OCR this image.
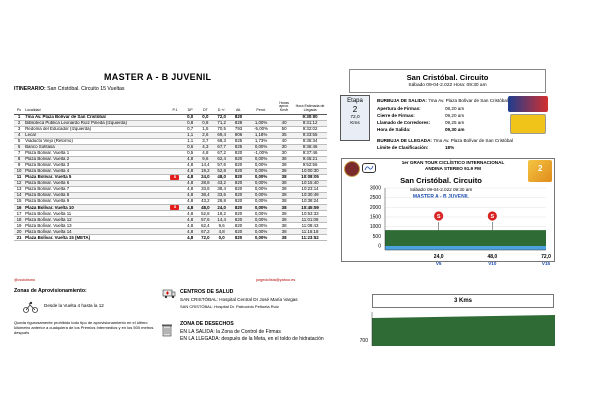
MASTER A - B JUVENIL
ITINERARIO: San Cristóbal. Circuito 15 Vueltas
Pc	Localidad	P.1	DP	DT	D.+/-	Alt.	Pend.	Horas aprox. Km/h	Hora Estimada de Llegada
1	7ma Av. Plaza Bolívar de San Cristóbal		0,0	0,0	72,0	820			9:30:00
2	Biblioteca Pública Leonardo Ruíz Pineda (Izquierda)		0,8	0,8	71,2	828	1,00%	40	9:31:12
3	Redoma del Educador (Izquierda)		0,7	1,5	70,5	793	-5,00%	50	9:32:02
4	Lecar		1,1	2,6	69,4	806	1,18%	35	9:33:55
5	Viaducto Viejo (Retorno)		1,1	3,7	68,3	825	1,73%	40	9:35:34
6	Banco Sofitasa		0,6	4,3	67,7	825	0,00%	30	9:36:46
7	Plaza Bolívar. Vuelta 1		0,5	4,8	67,2	820	-1,00%	30	9:37:46
8	Plaza Bolívar. Vuelta 2		4,8	9,6	62,4	820	0,00%	38	9:45:21
9	Plaza Bolívar. Vuelta 3		4,8	14,4	57,6	820	0,00%	38	9:52:56
10	Plaza Bolívar. Vuelta 4		4,8	19,2	52,8	820	0,00%	38	10:00:30
11	Plaza Bolívar. Vuelta 5	S	4,8	24,0	48,0	820	0,00%	38	10:08:05
12	Plaza Bolívar. Vuelta 6		4,8	28,8	43,2	820	0,00%	38	10:15:40
13	Plaza Bolívar. Vuelta 7		4,8	33,6	38,4	820	0,00%	38	10:23:14
14	Plaza Bolívar. Vuelta 8		4,8	38,4	33,6	820	0,00%	38	10:30:49
15	Plaza Bolívar. Vuelta 9		4,8	43,2	28,8	820	0,00%	38	10:38:24
16	Plaza Bolívar. Vuelta 10	S	4,8	48,0	24,0	820	0,00%	38	10:45:59
17	Plaza Bolívar. Vuelta 11		4,8	52,8	19,2	820	0,00%	38	10:53:33
18	Plaza Bolívar. Vuelta 12		4,8	57,6	14,4	820	0,00%	38	11:01:08
19	Plaza Bolívar. Vuelta 13		4,8	62,4	9,6	820	0,00%	38	11:08:43
20	Plaza Bolívar. Vuelta 14		4,8	67,2	4,8	820	0,00%	38	11:16:18
21	Plaza Bolívar. Vuelta 15 (META)		4,8	72,0	0,0	820	0,00%	38	11:23:52
@vcciclismo	jorgeciclista@yahoo.es
Zonas de Aprovisionamiento:
Desde la Vuelta 4 hasta la 12
Queda rigurosamente prohibido todo tipo de aprovisionamiento en el último kilómetro anterior a cualquiera de los Premios Intermedios y en los 500 metros después
CENTROS DE SALUD
SAN CRISTÓBAL: Hospital Central Dr José María Vargas
SAN CRISTÓBAL: Hospital Dr. Patrocinio Peñuela Ruíz
ZONA DE DESECHOS
EN LA SALIDA: la Zona de Control de Firmas
EN LA LLEGADA: después de la Meta, en el toldo de hidratación
San Cristóbal. Circuito
Sábado 09-04-2.022 Hora: 09:30 am
Etapa
2
72,0
Kms
BURBUJA DE SALIDA: 7ma Av. Plaza Bolívar de San Cristóbal
Apertura de Firmas:	08,20 am
Cierre de Firmas:	09,20 am
Llamado de Corredores:	09,25 am
Hora de Salida:	09,30 am
BURBUJA DE LLEGADA: 7ma Av. Plaza Bolívar de San Cristóbal
Límite de Clasificación:	18%
1er GRAN TOUR CICLÍSTICO INTERNACIONAL
ANDINA STEREO 91.9 FM	2
San Cristóbal. Circuito
Sábado 09-04-2.022 09:30 am
MASTER A - B JUVENIL
3000
2500
2000
1500
1000
500
0
S	S
24,0
V5
48,0
V10
72,0
V15
3 Kms
700
